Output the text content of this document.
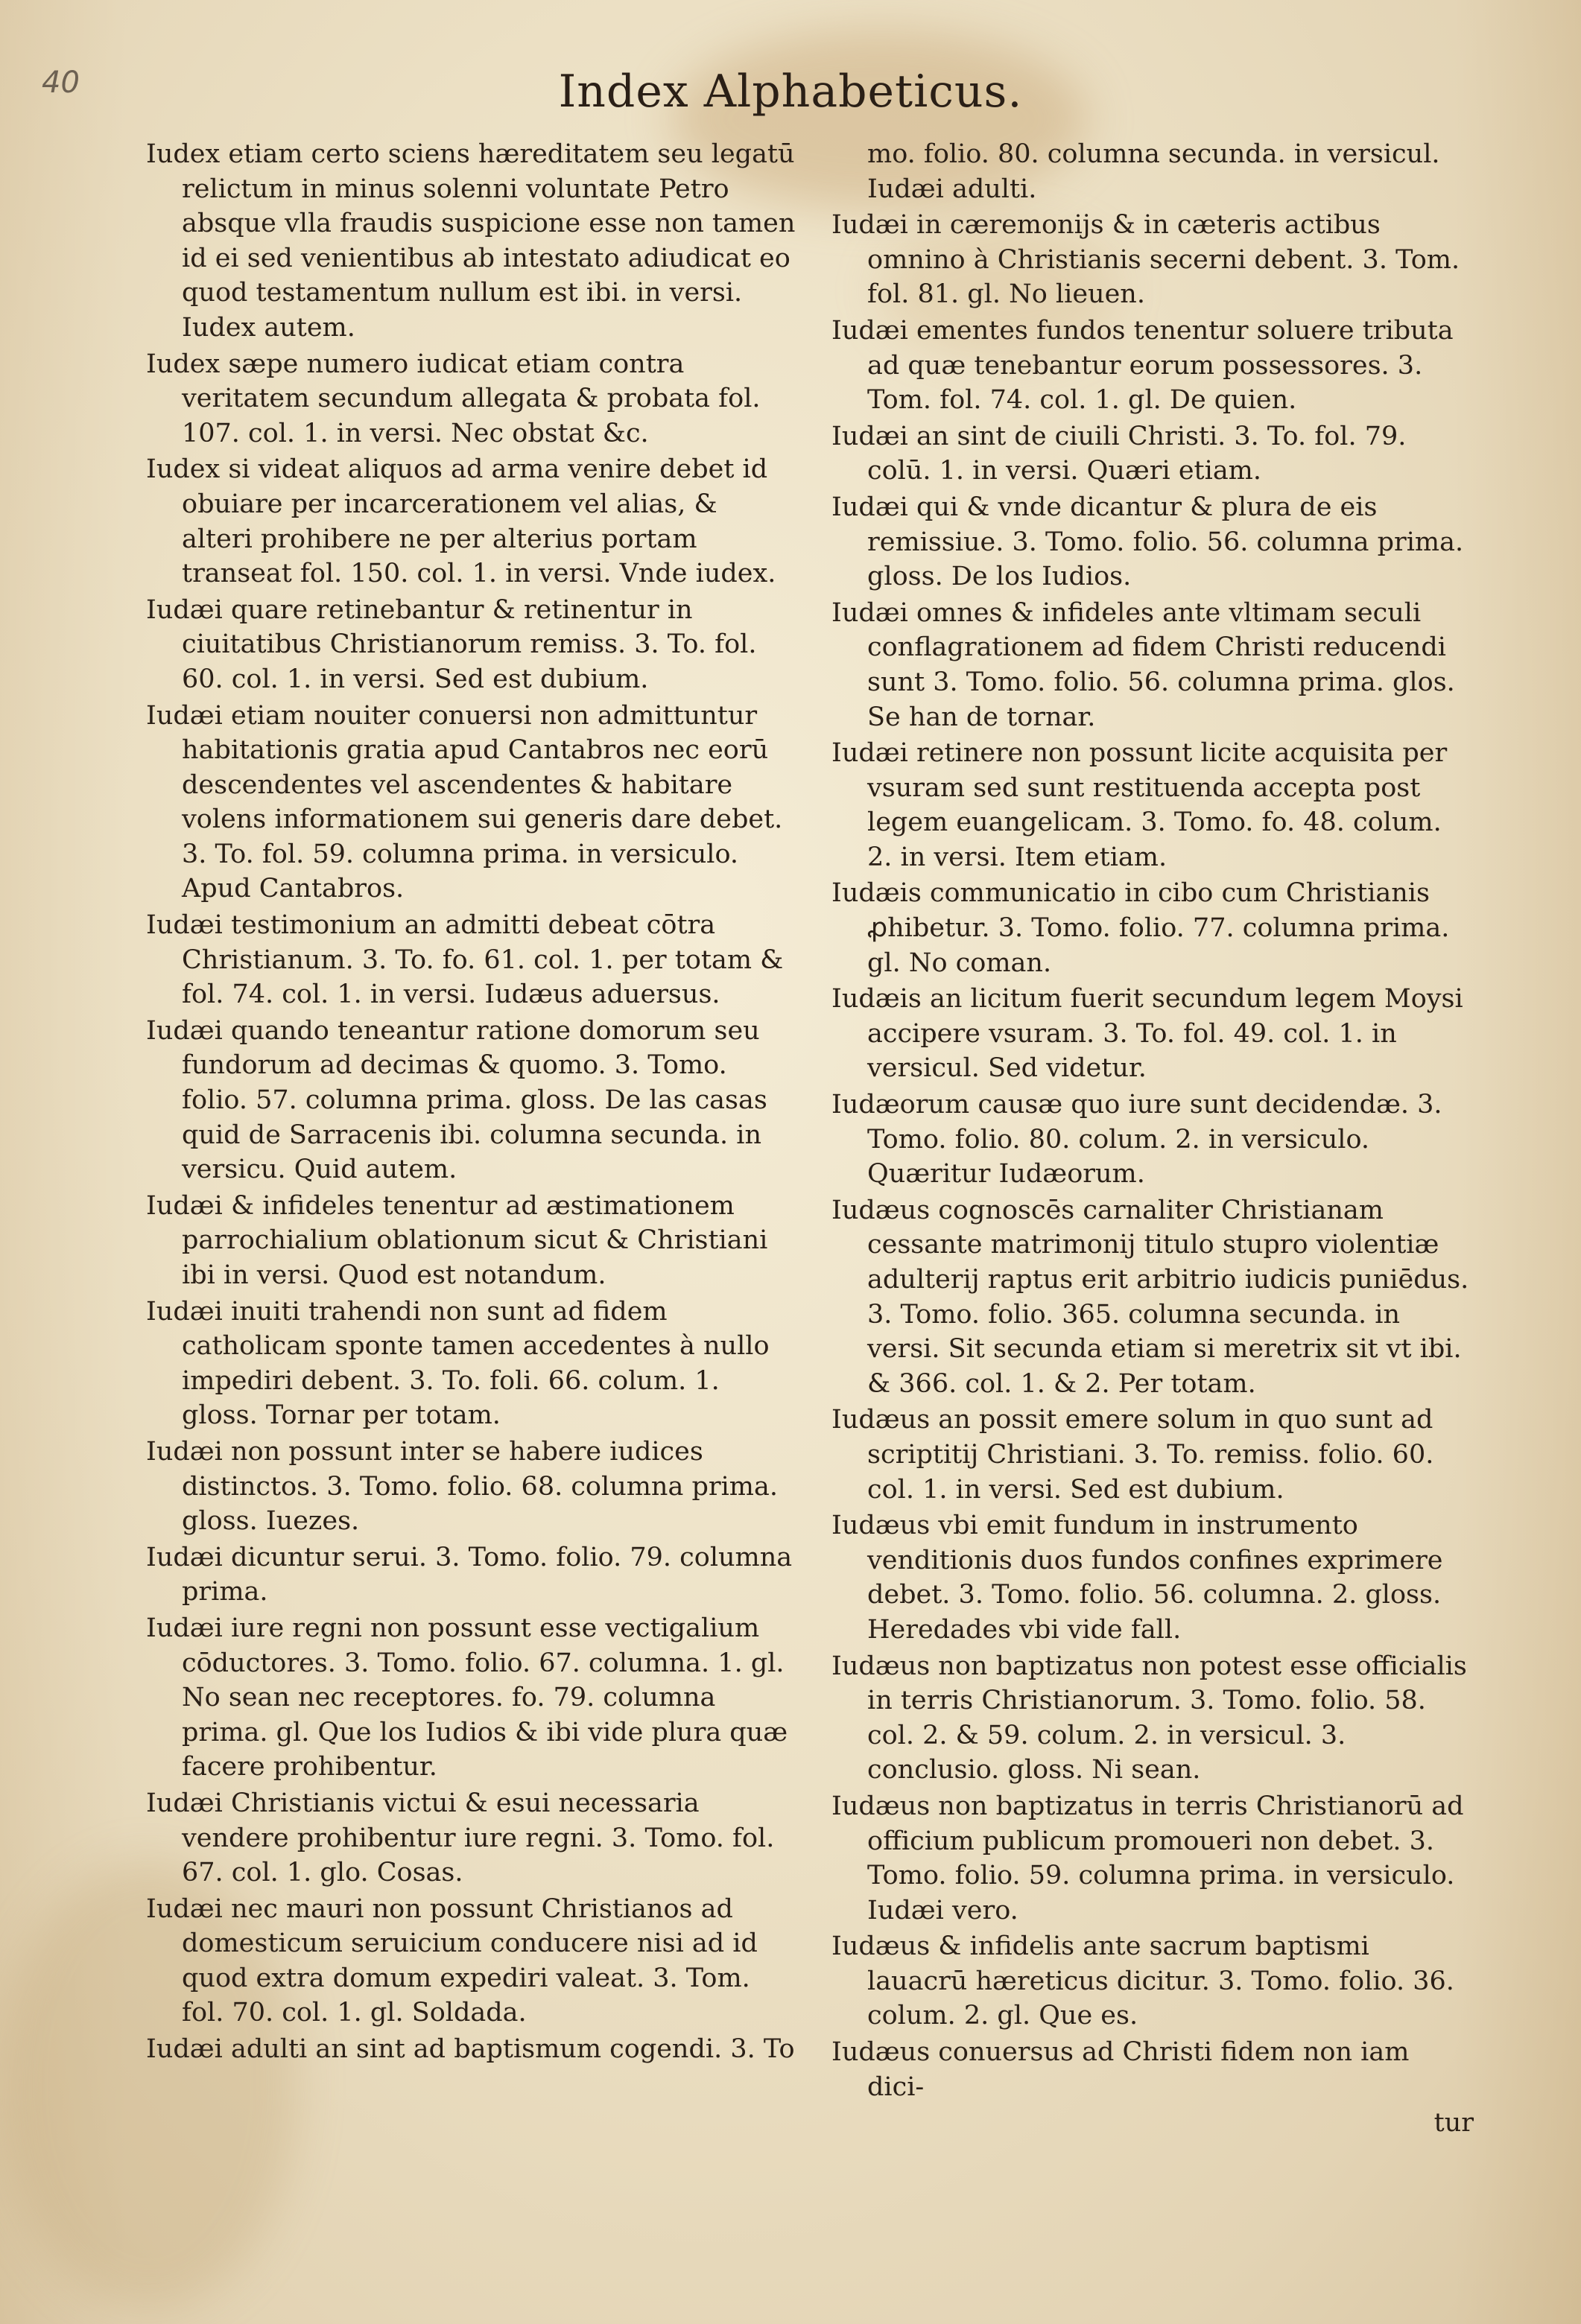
40	Index Alphabeticus.
Iudex etiam certo sciens hæreditatem seu legatū relictum in minus solenni voluntate Petro absque vlla fraudis suspicione esse non tamen id ei sed venientibus ab intestato adiudicat eo quod testamentum nullum est ibi. in versi. Iudex autem.
Iudex sæpe numero iudicat etiam contra veritatem secundum allegata & probata fol. 107. col. 1. in versi. Nec obstat &c.
Iudex si videat aliquos ad arma venire debet id obuiare per incarcerationem vel alias, & alteri prohibere ne per alterius portam transeat fol. 150. col. 1. in versi. Vnde iudex.
Iudæi quare retinebantur & retinentur in ciuitatibus Christianorum remiss. 3. To. fol. 60. col. 1. in versi. Sed est dubium.
Iudæi etiam nouiter conuersi non admittuntur habitationis gratia apud Cantabros nec eorū descendentes vel ascendentes & habitare volens informationem sui generis dare debet. 3. To. fol. 59. columna prima. in versiculo. Apud Cantabros.
Iudæi testimonium an admitti debeat cōtra Christianum. 3. To. fo. 61. col. 1. per totam & fol. 74. col. 1. in versi. Iudæus aduersus.
Iudæi quando teneantur ratione domorum seu fundorum ad decimas & quomo. 3. Tomo. folio. 57. columna prima. gloss. De las casas quid de Sarracenis ibi. columna secunda. in versicu. Quid autem.
Iudæi & infideles tenentur ad æstimationem parrochialium oblationum sicut & Christiani ibi in versi. Quod est notandum.
Iudæi inuiti trahendi non sunt ad fidem catholicam sponte tamen accedentes à nullo impediri debent. 3. To. foli. 66. colum. 1. gloss. Tornar per totam.
Iudæi non possunt inter se habere iudices distinctos. 3. Tomo. folio. 68. columna prima. gloss. Iuezes.
Iudæi dicuntur serui. 3. Tomo. folio. 79. columna prima.
Iudæi iure regni non possunt esse vectigalium cōductores. 3. Tomo. folio. 67. columna. 1. gl. No sean nec receptores. fo. 79. columna prima. gl. Que los Iudios & ibi vide plura quæ facere prohibentur.
Iudæi Christianis victui & esui necessaria vendere prohibentur iure regni. 3. Tomo. fol. 67. col. 1. glo. Cosas.
Iudæi nec mauri non possunt Christianos ad domesticum seruicium conducere nisi ad id quod extra domum expediri valeat. 3. Tom. fol. 70. col. 1. gl. Soldada.
Iudæi adulti an sint ad baptismum cogendi. 3. To
mo. folio. 80. columna secunda. in versicul. Iudæi adulti.
Iudæi in cæremonijs & in cæteris actibus omnino à Christianis secerni debent. 3. Tom. fol. 81. gl. No lieuen.
Iudæi ementes fundos tenentur soluere tributa ad quæ tenebantur eorum possessores. 3. Tom. fol. 74. col. 1. gl. De quien.
Iudæi an sint de ciuili Christi. 3. To. fol. 79. colū. 1. in versi. Quæri etiam.
Iudæi qui & vnde dicantur & plura de eis remissiue. 3. Tomo. folio. 56. columna prima. gloss. De los Iudios.
Iudæi omnes & infideles ante vltimam seculi conflagrationem ad fidem Christi reducendi sunt 3. Tomo. folio. 56. columna prima. glos. Se han de tornar.
Iudæi retinere non possunt licite acquisita per vsuram sed sunt restituenda accepta post legem euangelicam. 3. Tomo. fo. 48. colum. 2. in versi. Item etiam.
Iudæis communicatio in cibo cum Christianis ꝓhibetur. 3. Tomo. folio. 77. columna prima. gl. No coman.
Iudæis an licitum fuerit secundum legem Moysi accipere vsuram. 3. To. fol. 49. col. 1. in versicul. Sed videtur.
Iudæorum causæ quo iure sunt decidendæ. 3. Tomo. folio. 80. colum. 2. in versiculo. Quæritur Iudæorum.
Iudæus cognoscēs carnaliter Christianam cessante matrimonij titulo stupro violentiæ adulterij raptus erit arbitrio iudicis puniēdus. 3. Tomo. folio. 365. columna secunda. in versi. Sit secunda etiam si meretrix sit vt ibi. & 366. col. 1. & 2. Per totam.
Iudæus an possit emere solum in quo sunt ad scriptitij Christiani. 3. To. remiss. folio. 60. col. 1. in versi. Sed est dubium.
Iudæus vbi emit fundum in instrumento venditionis duos fundos confines exprimere debet. 3. Tomo. folio. 56. columna. 2. gloss. Heredades vbi vide fall.
Iudæus non baptizatus non potest esse officialis in terris Christianorum. 3. Tomo. folio. 58. col. 2. & 59. colum. 2. in versicul. 3. conclusio. gloss. Ni sean.
Iudæus non baptizatus in terris Christianorū ad officium publicum promoueri non debet. 3. Tomo. folio. 59. columna prima. in versiculo. Iudæi vero.
Iudæus & infidelis ante sacrum baptismi lauacrū hæreticus dicitur. 3. Tomo. folio. 36. colum. 2. gl. Que es.
Iudæus conuersus ad Christi fidem non iam dici-
tur
